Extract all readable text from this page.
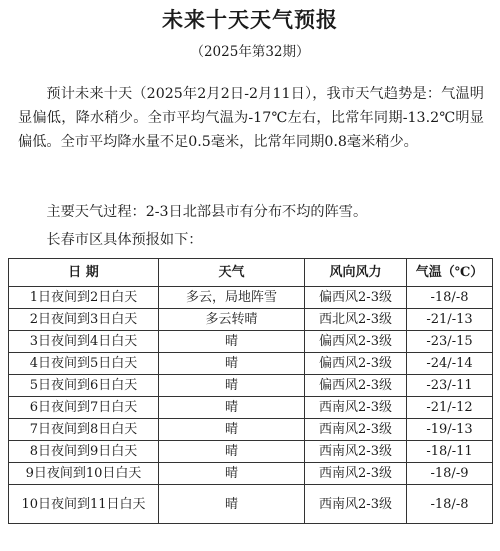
未来十天天气预报
（2025年第32期）

预计未来十天（2025年2月2日-2月11日），我市天气趋势是：气温明显偏低，降水稍少。全市平均气温为-17℃左右，比常年同期-13.2℃明显偏低。全市平均降水量不足0.5毫米，比常年同期0.8毫米稍少。

主要天气过程：2-3日北部县市有分布不均的阵雪。

长春市区具体预报如下：

日 期	天气	风向风力	气温（℃）
1日夜间到2日白天	多云，局地阵雪	偏西风2-3级	-18/-8
2日夜间到3日白天	多云转晴	西北风2-3级	-21/-13
3日夜间到4日白天	晴	偏西风2-3级	-23/-15
4日夜间到5日白天	晴	偏西风2-3级	-24/-14
5日夜间到6日白天	晴	偏西风2-3级	-23/-11
6日夜间到7日白天	晴	西南风2-3级	-21/-12
7日夜间到8日白天	晴	西南风2-3级	-19/-13
8日夜间到9日白天	晴	西南风2-3级	-18/-11
9日夜间到10日白天	晴	西南风2-3级	-18/-9
10日夜间到11日白天	晴	西南风2-3级	-18/-8
